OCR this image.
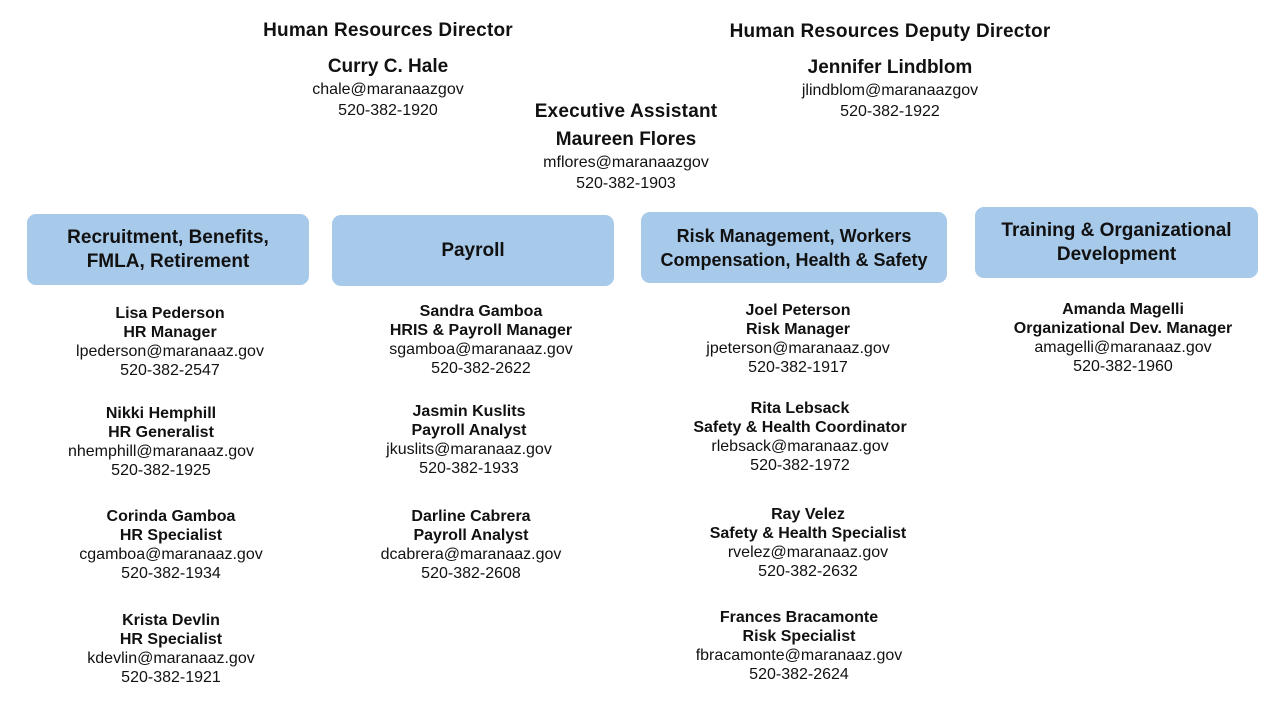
Human Resources Director
Curry C. Hale
chale@maranaazgov
520-382-1920
Human Resources Deputy Director
Jennifer Lindblom
jlindblom@maranaazgov
520-382-1922
Executive Assistant
Maureen Flores
mflores@maranaazgov
520-382-1903
Recruitment, Benefits, FMLA, Retirement
Payroll
Risk Management, Workers Compensation, Health & Safety
Training & Organizational Development
Lisa Pederson
HR Manager
lpederson@maranaaz.gov
520-382-2547
Nikki Hemphill
HR Generalist
nhemphill@maranaaz.gov
520-382-1925
Corinda Gamboa
HR Specialist
cgamboa@maranaaz.gov
520-382-1934
Krista Devlin
HR Specialist
kdevlin@maranaaz.gov
520-382-1921
Sandra Gamboa
HRIS & Payroll Manager
sgamboa@maranaaz.gov
520-382-2622
Jasmin Kuslits
Payroll Analyst
jkuslits@maranaaz.gov
520-382-1933
Darline Cabrera
Payroll Analyst
dcabrera@maranaaz.gov
520-382-2608
Joel Peterson
Risk Manager
jpeterson@maranaaz.gov
520-382-1917
Rita Lebsack
Safety & Health Coordinator
rlebsack@maranaaz.gov
520-382-1972
Ray Velez
Safety & Health Specialist
rvelez@maranaaz.gov
520-382-2632
Frances Bracamonte
Risk Specialist
fbracamonte@maranaaz.gov
520-382-2624
Amanda Magelli
Organizational Dev. Manager
amagelli@maranaaz.gov
520-382-1960
